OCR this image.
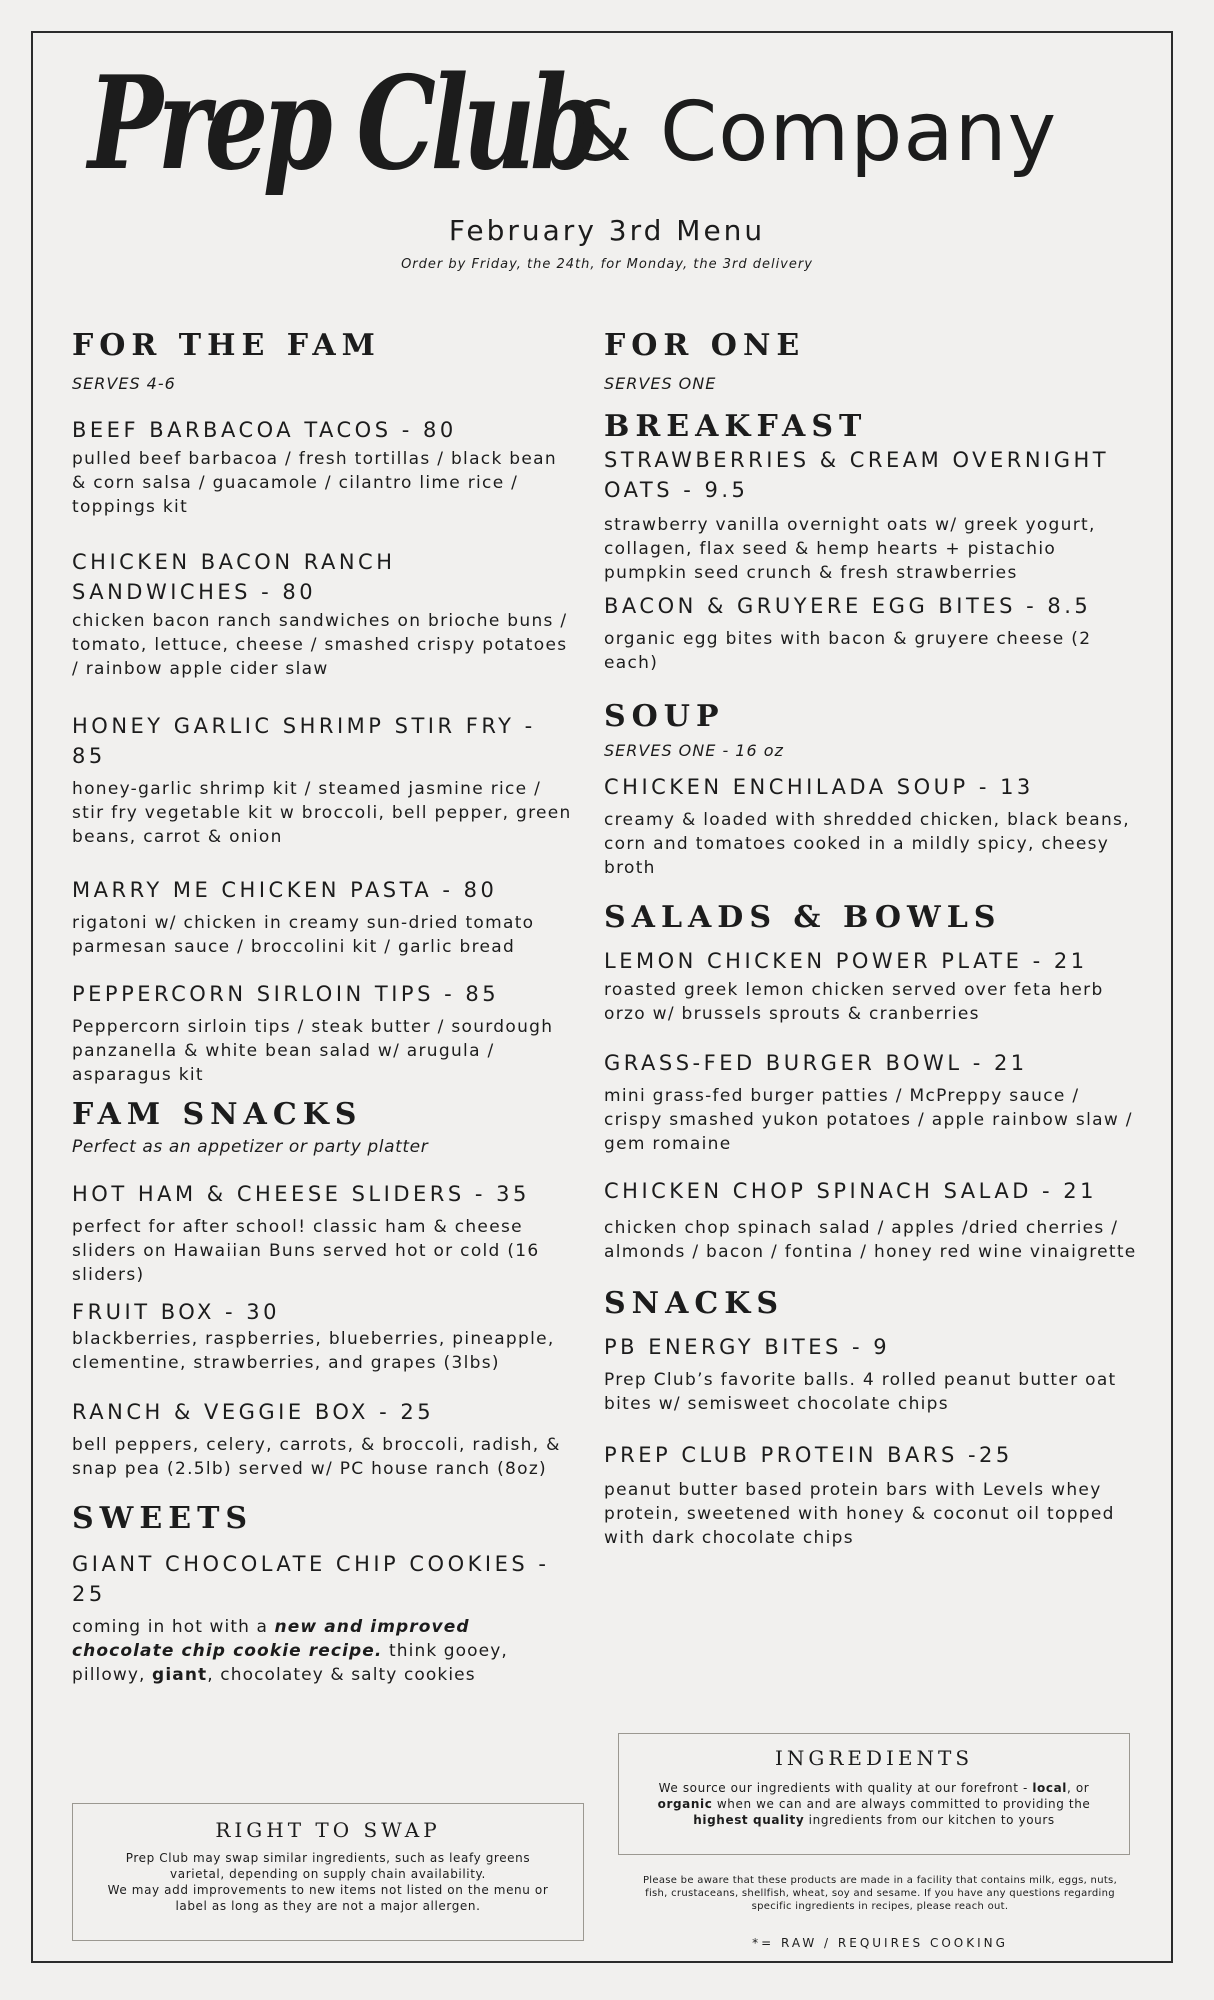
Prep Club
& Company
February 3rd Menu
Order by Friday, the 24th, for Monday, the 3rd delivery
FOR THE FAM
SERVES 4-6
BEEF BARBACOA TACOS - 80
pulled beef barbacoa / fresh tortillas / black bean & corn salsa / guacamole / cilantro lime rice / toppings kit
CHICKEN BACON RANCH SANDWICHES - 80
chicken bacon ranch sandwiches on brioche buns / tomato, lettuce, cheese / smashed crispy potatoes / rainbow apple cider slaw
HONEY GARLIC SHRIMP STIR FRY - 85
honey-garlic shrimp kit / steamed jasmine rice / stir fry vegetable kit w broccoli, bell pepper, green beans, carrot & onion
MARRY ME CHICKEN PASTA - 80
rigatoni w/ chicken in creamy sun-dried tomato parmesan sauce / broccolini kit / garlic bread
PEPPERCORN SIRLOIN TIPS - 85
Peppercorn sirloin tips / steak butter / sourdough panzanella & white bean salad w/ arugula / asparagus kit
FAM SNACKS
Perfect as an appetizer or party platter
HOT HAM & CHEESE SLIDERS - 35
perfect for after school! classic ham & cheese sliders on Hawaiian Buns served hot or cold (16 sliders)
FRUIT BOX - 30
blackberries, raspberries, blueberries, pineapple, clementine, strawberries, and grapes (3lbs)
RANCH & VEGGIE BOX - 25
bell peppers, celery, carrots, & broccoli, radish, & snap pea (2.5lb) served w/ PC house ranch (8oz)
SWEETS
GIANT CHOCOLATE CHIP COOKIES - 25
coming in hot with a new and improved chocolate chip cookie recipe. think gooey, pillowy, giant, chocolatey & salty cookies
FOR ONE
SERVES ONE
BREAKFAST
STRAWBERRIES & CREAM OVERNIGHT OATS - 9.5
strawberry vanilla overnight oats w/ greek yogurt, collagen, flax seed & hemp hearts + pistachio pumpkin seed crunch & fresh strawberries
BACON & GRUYERE EGG BITES - 8.5
organic egg bites with bacon & gruyere cheese (2 each)
SOUP
SERVES ONE - 16 oz
CHICKEN ENCHILADA SOUP - 13
creamy & loaded with shredded chicken, black beans, corn and tomatoes cooked in a mildly spicy, cheesy broth
SALADS & BOWLS
LEMON CHICKEN POWER PLATE - 21
roasted greek lemon chicken served over feta herb orzo w/ brussels sprouts & cranberries
GRASS-FED BURGER BOWL - 21
mini grass-fed burger patties / McPreppy sauce / crispy smashed yukon potatoes / apple rainbow slaw / gem romaine
CHICKEN CHOP SPINACH SALAD - 21
chicken chop spinach salad / apples /dried cherries / almonds / bacon / fontina / honey red wine vinaigrette
SNACKS
PB ENERGY BITES - 9
Prep Club’s favorite balls. 4 rolled peanut butter oat bites w/ semisweet chocolate chips
PREP CLUB PROTEIN BARS -25
peanut butter based protein bars with Levels whey protein, sweetened with honey & coconut oil topped with dark chocolate chips
INGREDIENTS
We source our ingredients with quality at our forefront - local, or organic when we can and are always committed to providing the highest quality ingredients from our kitchen to yours
RIGHT TO SWAP
Prep Club may swap similar ingredients, such as leafy greens varietal, depending on supply chain availability.
We may add improvements to new items not listed on the menu or label as long as they are not a major allergen.
Please be aware that these products are made in a facility that contains milk, eggs, nuts, fish, crustaceans, shellfish, wheat, soy and sesame. If you have any questions regarding specific ingredients in recipes, please reach out.
*= RAW / REQUIRES COOKING
